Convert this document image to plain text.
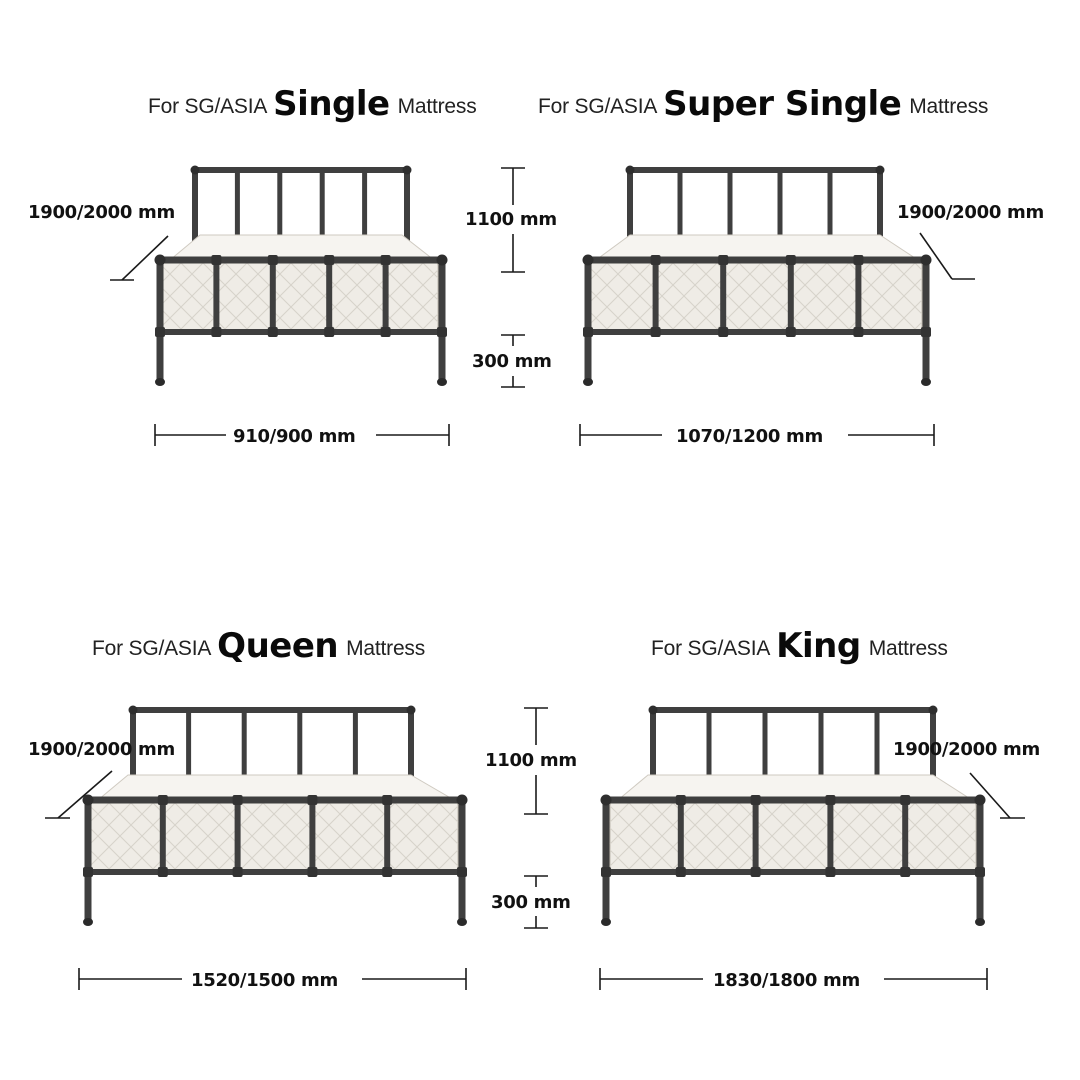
For SG/ASIA Single Mattress	For SG/ASIA Super Single Mattress
For SG/ASIA Queen Mattress	For SG/ASIA King Mattress
1900/2000 mm	1900/2000 mm
1900/2000 mm	1900/2000 mm
1100 mm
300 mm
1100 mm
300 mm
910/900 mm	1070/1200 mm
1520/1500 mm	1830/1800 mm
